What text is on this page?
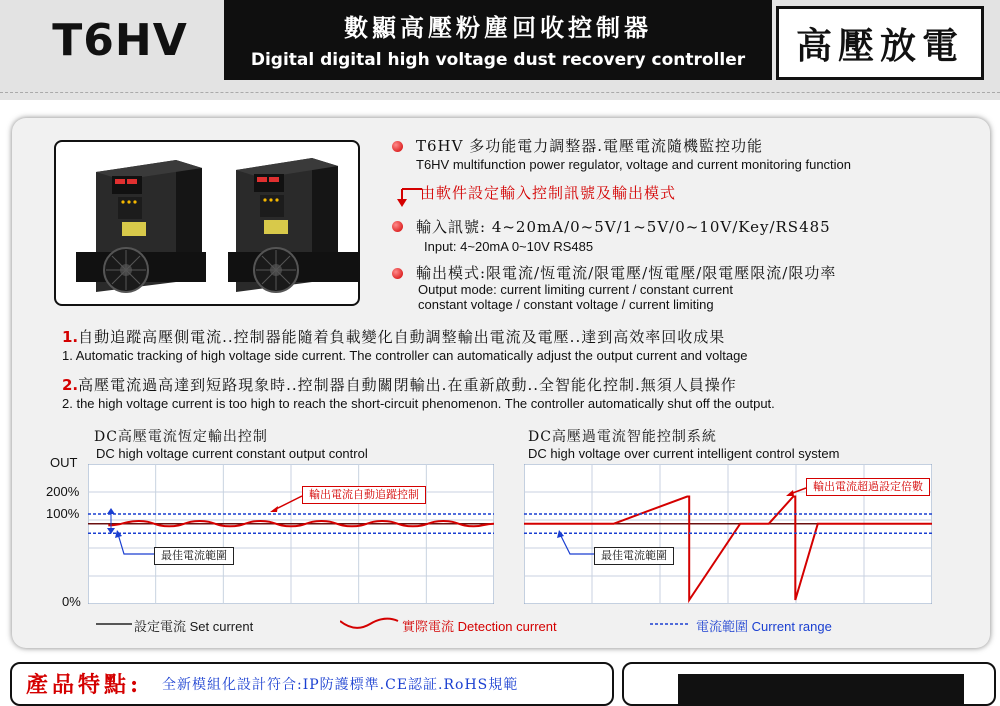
T6HV	數顯高壓粉塵回收控制器
Digital digital high voltage dust recovery controller	高壓放電
T6HV 多功能電力調整器.電壓電流隨機監控功能
T6HV multifunction power regulator, voltage and current monitoring function
由軟件設定輸入控制訊號及輸出模式
輸入訊號: 4~20mA/0~5V/1~5V/0~10V/Key/RS485
Input: 4~20mA 0~10V RS485
輸出模式:限電流/恆電流/限電壓/恆電壓/限電壓限流/限功率
Output mode: current limiting current / constant current
constant voltage / constant voltage / current limiting
1.自動追蹤高壓側電流..控制器能隨着負載變化自動調整輸出電流及電壓..達到高效率回收成果
1. Automatic tracking of high voltage side current. The controller can automatically adjust the output current and voltage
2.高壓電流過高達到短路現象時..控制器自動關閉輸出.在重新啟動..全智能化控制.無須人員操作
2. the high voltage current is too high to reach the short-circuit phenomenon. The controller automatically shut off the output.
DC高壓電流恆定輸出控制
DC high voltage current constant output control
DC高壓過電流智能控制系統
DC high voltage over current intelligent control system
OUT
200%
100%
0%
輸出電流自動追蹤控制
最佳電流範圍
輸出電流超過設定倍數
最佳電流範圍
設定電流 Set current	實際電流 Detection current	電流範圍 Current range
產品特點: 全新模組化設計符合:IP防護標準.CE認証.RoHS規範
